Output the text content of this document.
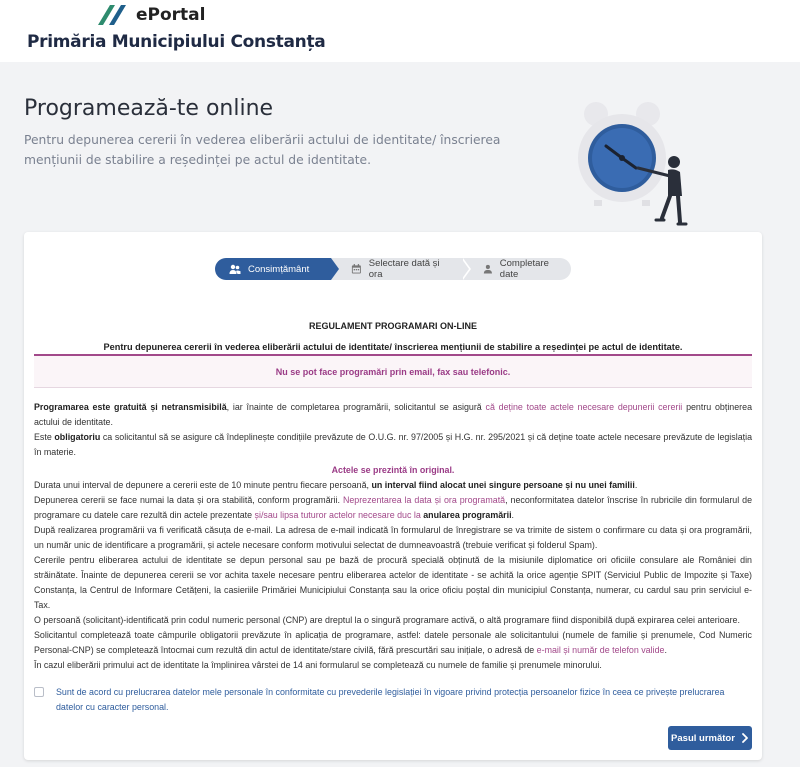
ePortal
Primăria Municipiului Constanța
Programează-te online
Pentru depunerea cererii în vederea eliberării actului de identitate/ înscrierea mențiunii de stabilire a reședinței pe actul de identitate.
Consimțământ	Selectare dată și ora
Completare date
REGULAMENT PROGRAMARI ON-LINE
Pentru depunerea cererii în vederea eliberării actului de identitate/ înscrierea mențiunii de stabilire a reședinței pe actul de identitate.
Nu se pot face programări prin email, fax sau telefonic.

Programarea este gratuită și netransmisibilă, iar înainte de completarea programării, solicitantul se asigură că deține toate actele necesare depunerii cererii pentru obținerea actului de identitate.

Este obligatoriu ca solicitantul să se asigure că îndeplinește condițiile prevăzute de O.U.G. nr. 97/2005 și H.G. nr. 295/2021 și că deține toate actele necesare prevăzute de legislația în materie.

Actele se prezintă în original.

Durata unui interval de depunere a cererii este de 10 minute pentru fiecare persoană, un interval fiind alocat unei singure persoane și nu unei familii.

Depunerea cererii se face numai la data și ora stabilită, conform programării. Neprezentarea la data și ora programată, neconformitatea datelor înscrise în rubricile din formularul de programare cu datele care rezultă din actele prezentate și/sau lipsa tuturor actelor necesare duc la anularea programării.

După realizarea programării va fi verificată căsuța de e-mail. La adresa de e-mail indicată în formularul de înregistrare se va trimite de sistem o confirmare cu data și ora programării, un număr unic de identificare a programării, și actele necesare conform motivului selectat de dumneavoastră (trebuie verificat și folderul Spam).

Cererile pentru eliberarea actului de identitate se depun personal sau pe bază de procură specială obținută de la misiunile diplomatice ori oficiile consulare ale României din străinătate. Înainte de depunerea cererii se vor achita taxele necesare pentru eliberarea actelor de identitate - se achită la orice agenție SPIT (Serviciul Public de Impozite și Taxe) Constanța, la Centrul de Informare Cetățeni, la casieriile Primăriei Municipiului Constanța sau la orice oficiu poștal din municipiul Constanța, numerar, cu cardul sau prin serviciul e-Tax.

O persoană (solicitant)-identificată prin codul numeric personal (CNP) are dreptul la o singură programare activă, o altă programare fiind disponibilă după expirarea celei anterioare.

Solicitantul completează toate câmpurile obligatorii prevăzute în aplicația de programare, astfel: datele personale ale solicitantului (numele de familie și prenumele, Cod Numeric Personal-CNP) se completează întocmai cum rezultă din actul de identitate/stare civilă, fără prescurtări sau inițiale, o adresă de e-mail și număr de telefon valide.

În cazul eliberării primului act de identitate la împlinirea vârstei de 14 ani formularul se completează cu numele de familie și prenumele minorului.

Sunt de acord cu prelucrarea datelor mele personale în conformitate cu prevederile legislației în vigoare privind protecția persoanelor fizice în ceea ce privește prelucrarea datelor cu caracter personal.
Pasul următor
